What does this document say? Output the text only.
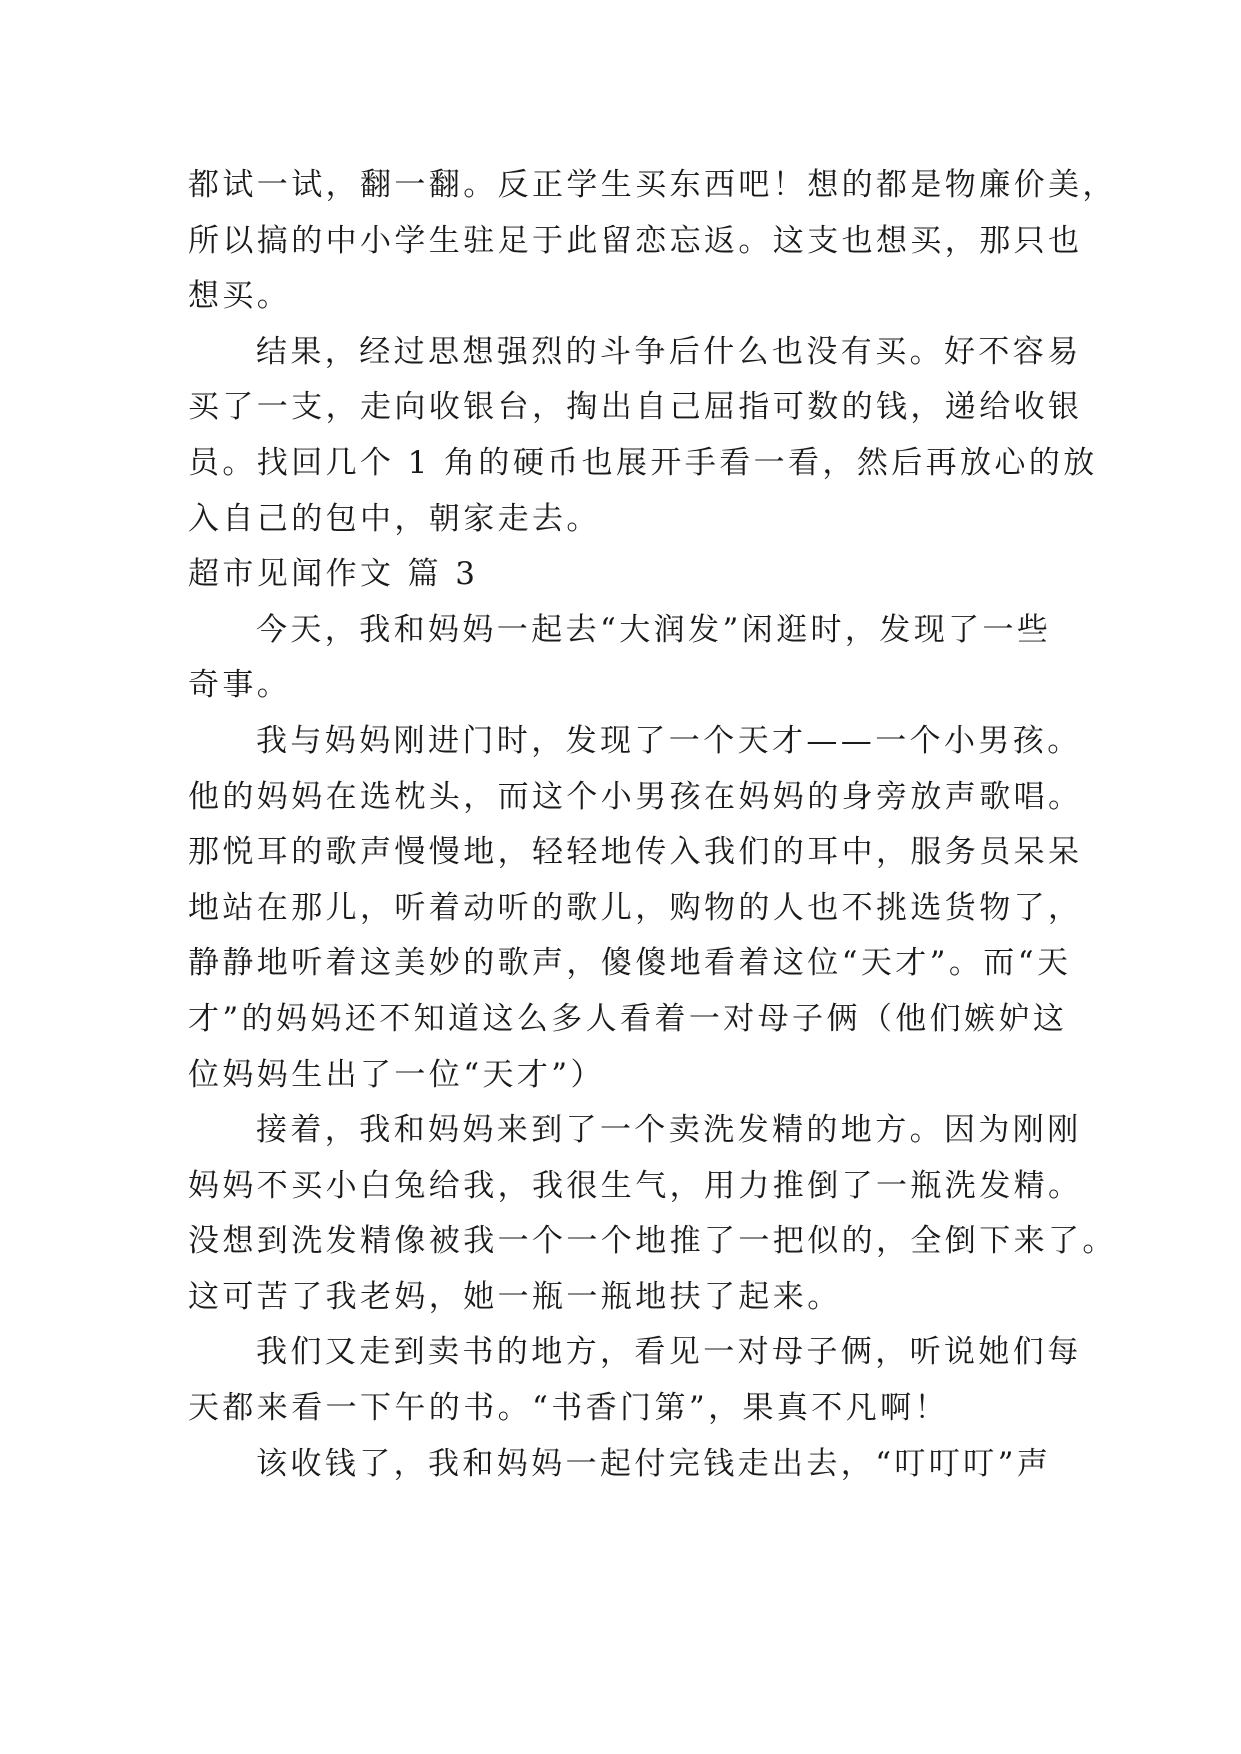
都试一试，翻一翻。反正学生买东西吧！想的都是物廉价美，
所以搞的中小学生驻足于此留恋忘返。这支也想买，那只也
想买。
结果，经过思想强烈的斗争后什么也没有买。好不容易
买了一支，走向收银台，掏出自己屈指可数的钱，递给收银
员。找回几个 1 角的硬币也展开手看一看，然后再放心的放
入自己的包中，朝家走去。
超市见闻作文 篇 3
今天，我和妈妈一起去“大润发”闲逛时，发现了一些
奇事。
我与妈妈刚进门时，发现了一个天才——一个小男孩。
他的妈妈在选枕头，而这个小男孩在妈妈的身旁放声歌唱。
那悦耳的歌声慢慢地，轻轻地传入我们的耳中，服务员呆呆
地站在那儿，听着动听的歌儿，购物的人也不挑选货物了，
静静地听着这美妙的歌声，傻傻地看着这位“天才”。而“天
才”的妈妈还不知道这么多人看着一对母子俩（他们嫉妒这
位妈妈生出了一位“天才”）
接着，我和妈妈来到了一个卖洗发精的地方。因为刚刚
妈妈不买小白兔给我，我很生气，用力推倒了一瓶洗发精。
没想到洗发精像被我一个一个地推了一把似的，全倒下来了。
这可苦了我老妈，她一瓶一瓶地扶了起来。
我们又走到卖书的地方，看见一对母子俩，听说她们每
天都来看一下午的书。“书香门第”，果真不凡啊！
该收钱了，我和妈妈一起付完钱走出去，“叮叮叮”声
